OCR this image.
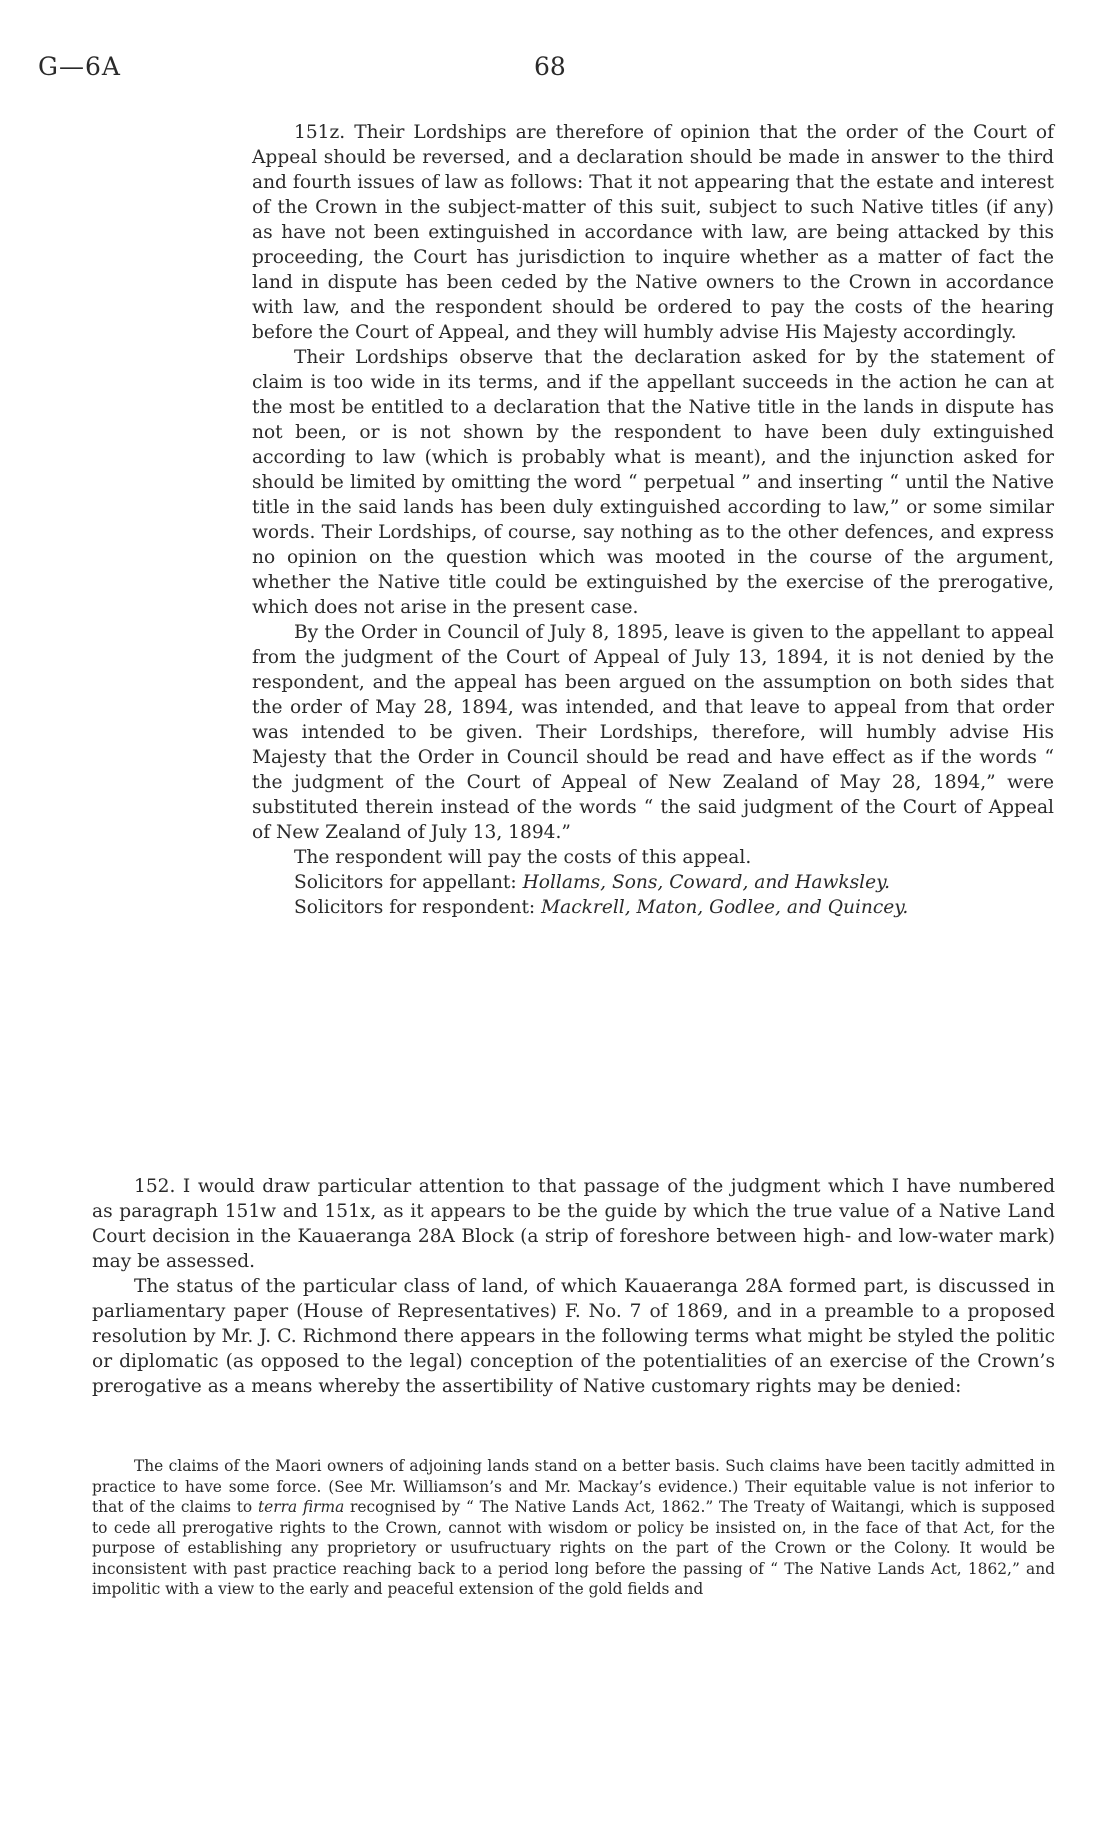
G—6A	68

151z. Their Lordships are therefore of opinion that the order of the Court of Appeal should be reversed, and a declaration should be made in answer to the third and fourth issues of law as follows: That it not appearing that the estate and interest of the Crown in the subject-matter of this suit, subject to such Native titles (if any) as have not been extinguished in accordance with law, are being attacked by this proceeding, the Court has jurisdiction to inquire whether as a matter of fact the land in dispute has been ceded by the Native owners to the Crown in accordance with law, and the respondent should be ordered to pay the costs of the hearing before the Court of Appeal, and they will humbly advise His Majesty accordingly.

Their Lordships observe that the declaration asked for by the statement of claim is too wide in its terms, and if the appellant succeeds in the action he can at the most be entitled to a declaration that the Native title in the lands in dispute has not been, or is not shown by the respondent to have been duly extinguished according to law (which is probably what is meant), and the injunction asked for should be limited by omitting the word “ perpetual ” and inserting “ until the Native title in the said lands has been duly extinguished according to law,” or some similar words. Their Lordships, of course, say nothing as to the other defences, and express no opinion on the question which was mooted in the course of the argument, whether the Native title could be extinguished by the exercise of the prerogative, which does not arise in the present case.

By the Order in Council of July 8, 1895, leave is given to the appellant to appeal from the judgment of the Court of Appeal of July 13, 1894, it is not denied by the respondent, and the appeal has been argued on the assumption on both sides that the order of May 28, 1894, was intended, and that leave to appeal from that order was intended to be given. Their Lordships, therefore, will humbly advise His Majesty that the Order in Council should be read and have effect as if the words “ the judgment of the Court of Appeal of New Zealand of May 28, 1894,” were substituted therein instead of the words “ the said judgment of the Court of Appeal of New Zealand of July 13, 1894.”

The respondent will pay the costs of this appeal.

Solicitors for appellant: Hollams, Sons, Coward, and Hawksley.
Solicitors for respondent: Mackrell, Maton, Godlee, and Quincey.

152. I would draw particular attention to that passage of the judgment which I have numbered as paragraph 151w and 151x, as it appears to be the guide by which the true value of a Native Land Court decision in the Kauaeranga 28A Block (a strip of foreshore between high- and low-water mark) may be assessed.

The status of the particular class of land, of which Kauaeranga 28A formed part, is discussed in parliamentary paper (House of Representatives) F. No. 7 of 1869, and in a preamble to a proposed resolution by Mr. J. C. Richmond there appears in the following terms what might be styled the politic or diplomatic (as opposed to the legal) conception of the potentialities of an exercise of the Crown’s prerogative as a means whereby the assertibility of Native customary rights may be denied:

The claims of the Maori owners of adjoining lands stand on a better basis. Such claims have been tacitly admitted in practice to have some force. (See Mr. Williamson’s and Mr. Mackay’s evidence.) Their equitable value is not inferior to that of the claims to terra firma recognised by “ The Native Lands Act, 1862.” The Treaty of Waitangi, which is supposed to cede all prerogative rights to the Crown, cannot with wisdom or policy be insisted on, in the face of that Act, for the purpose of establishing any proprietory or usufructuary rights on the part of the Crown or the Colony. It would be inconsistent with past practice reaching back to a period long before the passing of “ The Native Lands Act, 1862,” and impolitic with a view to the early and peaceful extension of the gold fields and
